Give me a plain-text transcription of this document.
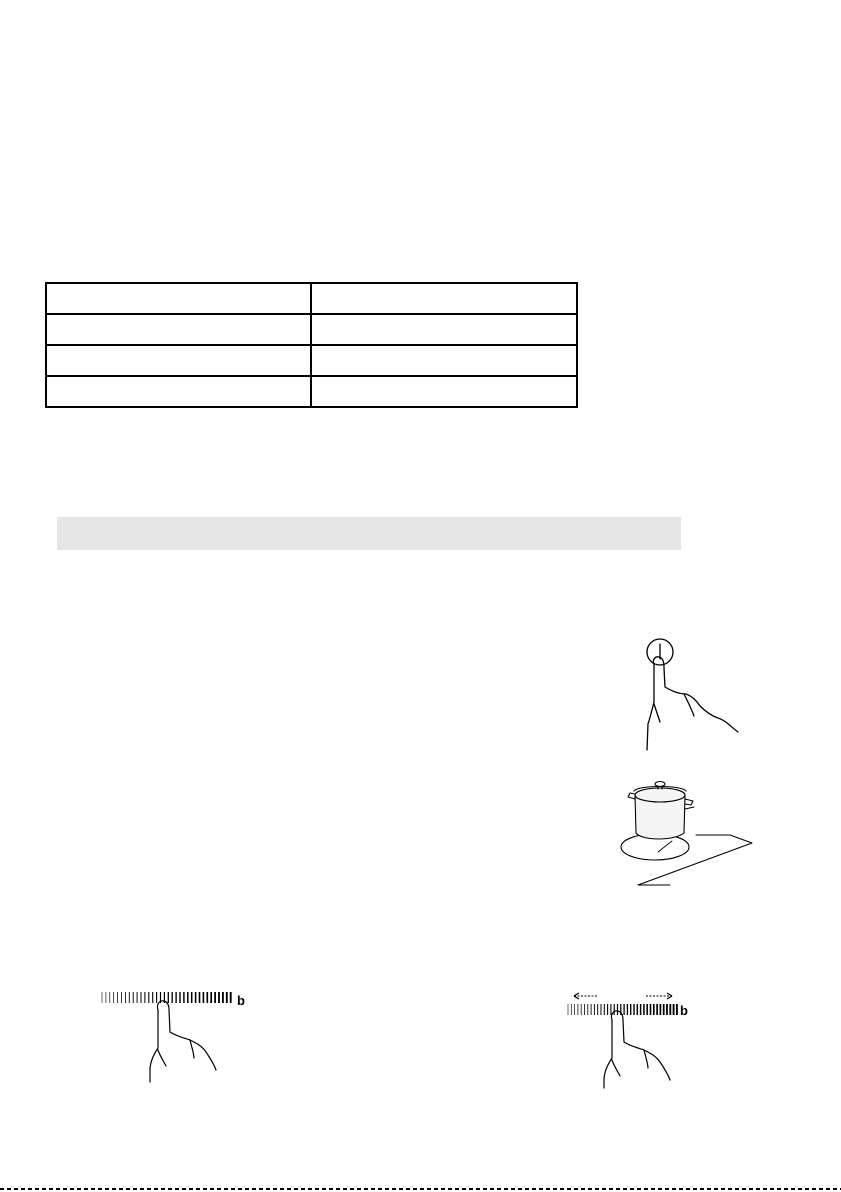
b
b
